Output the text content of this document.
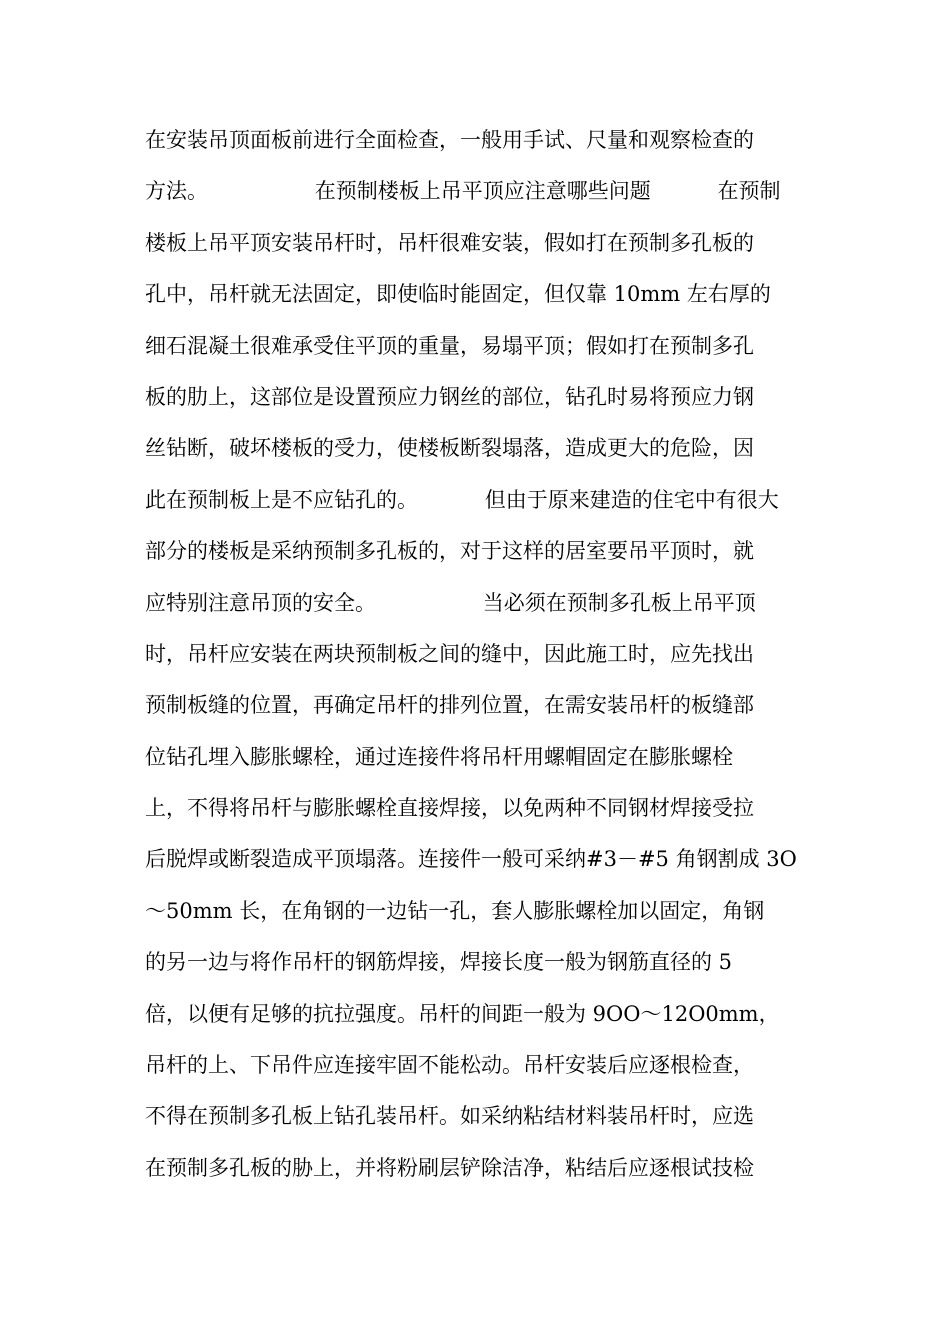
在安装吊顶面板前进行全面检查，一般用手试、尺量和观察检查的
方法。                在预制楼板上吊平顶应注意哪些问题          在预制
楼板上吊平顶安装吊杆时，吊杆很难安装，假如打在预制多孔板的
孔中，吊杆就无法固定，即使临时能固定，但仅靠 10mm 左右厚的
细石混凝土很难承受住平顶的重量，易塌平顶；假如打在预制多孔
板的肋上，这部位是设置预应力钢丝的部位，钻孔时易将预应力钢
丝钻断，破坏楼板的受力，使楼板断裂塌落，造成更大的危险，因
此在预制板上是不应钻孔的。          但由于原来建造的住宅中有很大
部分的楼板是采纳预制多孔板的，对于这样的居室要吊平顶时，就
应特别注意吊顶的安全。                当必须在预制多孔板上吊平顶
时，吊杆应安装在两块预制板之间的缝中，因此施工时，应先找出
预制板缝的位置，再确定吊杆的排列位置，在需安装吊杆的板缝部
位钻孔埋入膨胀螺栓，通过连接件将吊杆用螺帽固定在膨胀螺栓
上，不得将吊杆与膨胀螺栓直接焊接，以免两种不同钢材焊接受拉
后脱焊或断裂造成平顶塌落。连接件一般可采纳#3－#5 角钢割成 3O
～50mm 长，在角钢的一边钻一孔，套人膨胀螺栓加以固定，角钢
的另一边与将作吊杆的钢筋焊接，焊接长度一般为钢筋直径的 5
倍，以便有足够的抗拉强度。吊杆的间距一般为 9OO～12O0mm，
吊杆的上、下吊件应连接牢固不能松动。吊杆安装后应逐根检查，
不得在预制多孔板上钻孔装吊杆。如采纳粘结材料装吊杆时，应选
在预制多孔板的胁上，并将粉刷层铲除洁净，粘结后应逐根试技检
